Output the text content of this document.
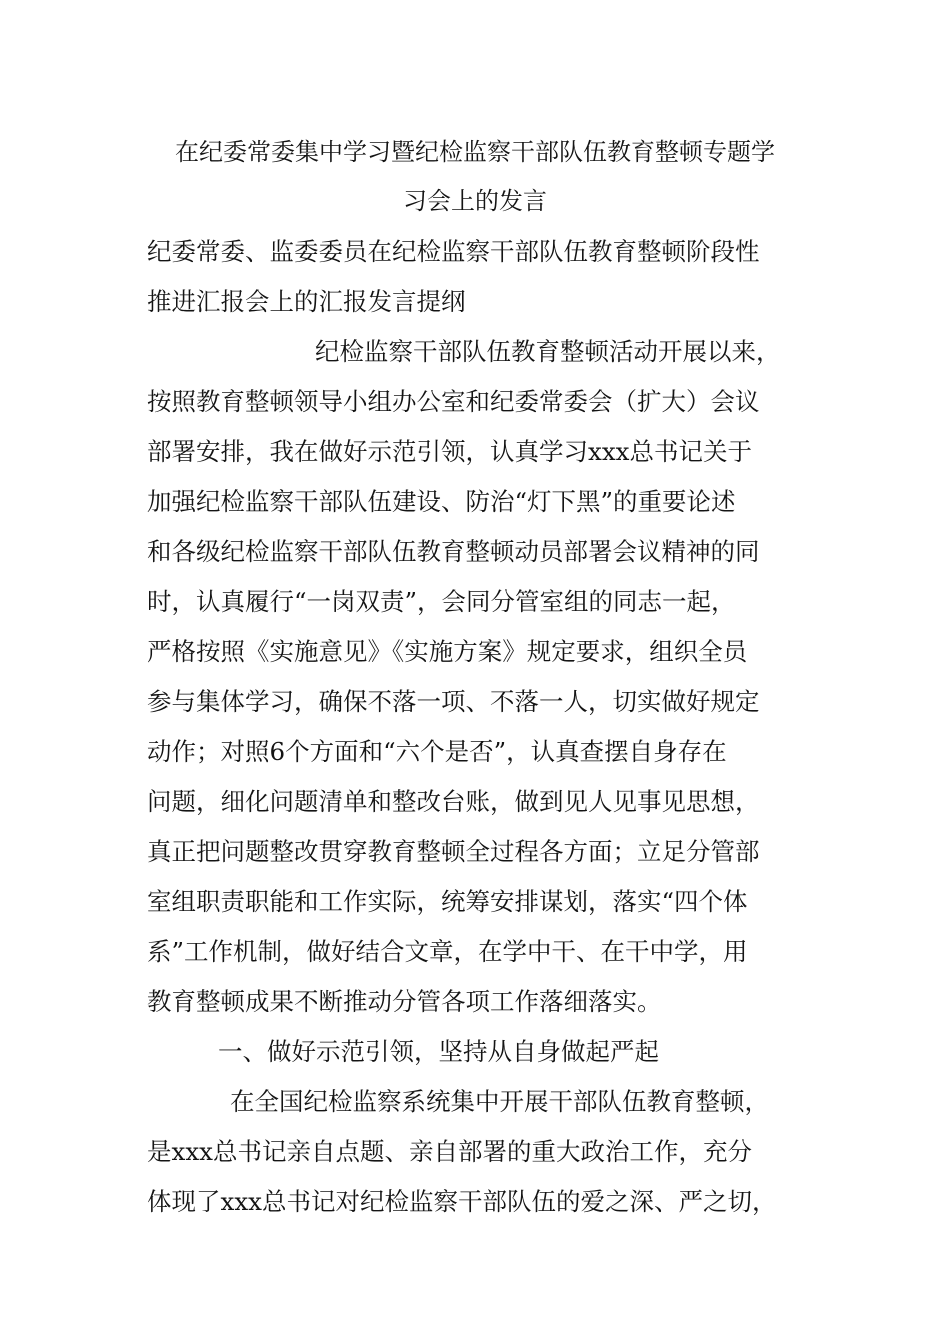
在纪委常委集中学习暨纪检监察干部队伍教育整顿专题学
习会上的发言
纪委常委、监委委员在纪检监察干部队伍教育整顿阶段性
推进汇报会上的汇报发言提纲
纪检监察干部队伍教育整顿活动开展以来，
按照教育整顿领导小组办公室和纪委常委会（扩大）会议
部署安排，我在做好示范引领，认真学习xxx总书记关于
加强纪检监察干部队伍建设、防治“灯下黑”的重要论述
和各级纪检监察干部队伍教育整顿动员部署会议精神的同
时，认真履行“一岗双责”，会同分管室组的同志一起，
严格按照《实施意见》《实施方案》规定要求，组织全员
参与集体学习，确保不落一项、不落一人，切实做好规定
动作；对照6个方面和“六个是否”，认真查摆自身存在
问题，细化问题清单和整改台账，做到见人见事见思想，
真正把问题整改贯穿教育整顿全过程各方面；立足分管部
室组职责职能和工作实际，统筹安排谋划，落实“四个体
系”工作机制，做好结合文章，在学中干、在干中学，用
教育整顿成果不断推动分管各项工作落细落实。
一、做好示范引领，坚持从自身做起严起
在全国纪检监察系统集中开展干部队伍教育整顿，
是xxx总书记亲自点题、亲自部署的重大政治工作，充分
体现了xxx总书记对纪检监察干部队伍的爱之深、严之切，
